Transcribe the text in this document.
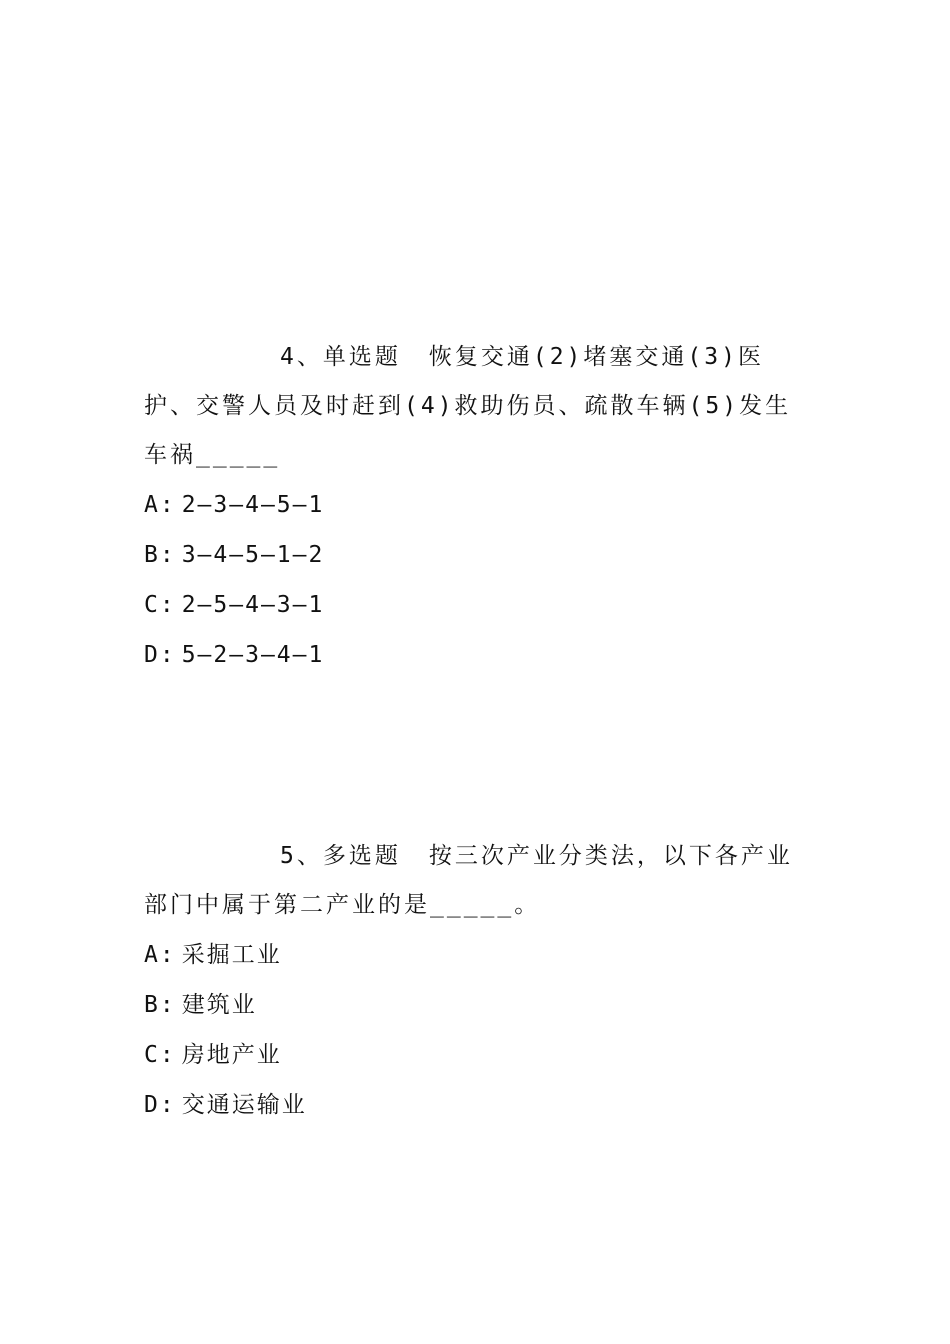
4、单选题 恢复交通(2)堵塞交通(3)医护、交警人员及时赶到(4)救助伤员、疏散车辆(5)发生车祸_____

A: 2—3—4—5—1
B: 3—4—5—1—2
C: 2—5—4—3—1
D: 5—2—3—4—1

5、多选题 按三次产业分类法，以下各产业部门中属于第二产业的是_____。

A: 采掘工业
B: 建筑业
C: 房地产业
D: 交通运输业
